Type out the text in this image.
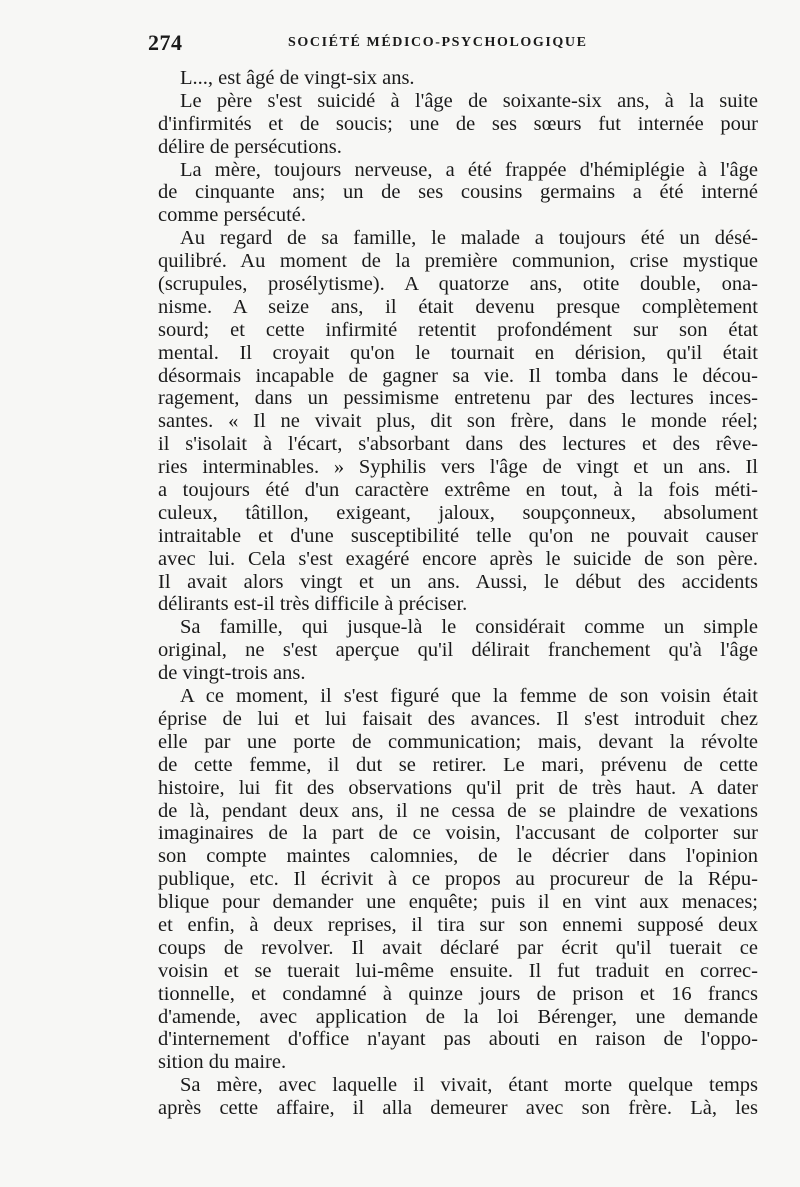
274	SOCIÉTÉ MÉDICO-PSYCHOLOGIQUE
L..., est âgé de vingt-six ans.
Le père s'est suicidé à l'âge de soixante-six ans, à la suite
d'infirmités et de soucis; une de ses sœurs fut internée pour
délire de persécutions.
La mère, toujours nerveuse, a été frappée d'hémiplégie à l'âge
de cinquante ans; un de ses cousins germains a été interné
comme persécuté.
Au regard de sa famille, le malade a toujours été un désé-
quilibré. Au moment de la première communion, crise mystique
(scrupules, prosélytisme). A quatorze ans, otite double, ona-
nisme. A seize ans, il était devenu presque complètement
sourd; et cette infirmité retentit profondément sur son état
mental. Il croyait qu'on le tournait en dérision, qu'il était
désormais incapable de gagner sa vie. Il tomba dans le décou-
ragement, dans un pessimisme entretenu par des lectures inces-
santes. « Il ne vivait plus, dit son frère, dans le monde réel;
il s'isolait à l'écart, s'absorbant dans des lectures et des rêve-
ries interminables. » Syphilis vers l'âge de vingt et un ans. Il
a toujours été d'un caractère extrême en tout, à la fois méti-
culeux, tâtillon, exigeant, jaloux, soupçonneux, absolument
intraitable et d'une susceptibilité telle qu'on ne pouvait causer
avec lui. Cela s'est exagéré encore après le suicide de son père.
Il avait alors vingt et un ans. Aussi, le début des accidents
délirants est-il très difficile à préciser.
Sa famille, qui jusque-là le considérait comme un simple
original, ne s'est aperçue qu'il délirait franchement qu'à l'âge
de vingt-trois ans.
A ce moment, il s'est figuré que la femme de son voisin était
éprise de lui et lui faisait des avances. Il s'est introduit chez
elle par une porte de communication; mais, devant la révolte
de cette femme, il dut se retirer. Le mari, prévenu de cette
histoire, lui fit des observations qu'il prit de très haut. A dater
de là, pendant deux ans, il ne cessa de se plaindre de vexations
imaginaires de la part de ce voisin, l'accusant de colporter sur
son compte maintes calomnies, de le décrier dans l'opinion
publique, etc. Il écrivit à ce propos au procureur de la Répu-
blique pour demander une enquête; puis il en vint aux menaces;
et enfin, à deux reprises, il tira sur son ennemi supposé deux
coups de revolver. Il avait déclaré par écrit qu'il tuerait ce
voisin et se tuerait lui-même ensuite. Il fut traduit en correc-
tionnelle, et condamné à quinze jours de prison et 16 francs
d'amende, avec application de la loi Bérenger, une demande
d'internement d'office n'ayant pas abouti en raison de l'oppo-
sition du maire.
Sa mère, avec laquelle il vivait, étant morte quelque temps
après cette affaire, il alla demeurer avec son frère. Là, les
